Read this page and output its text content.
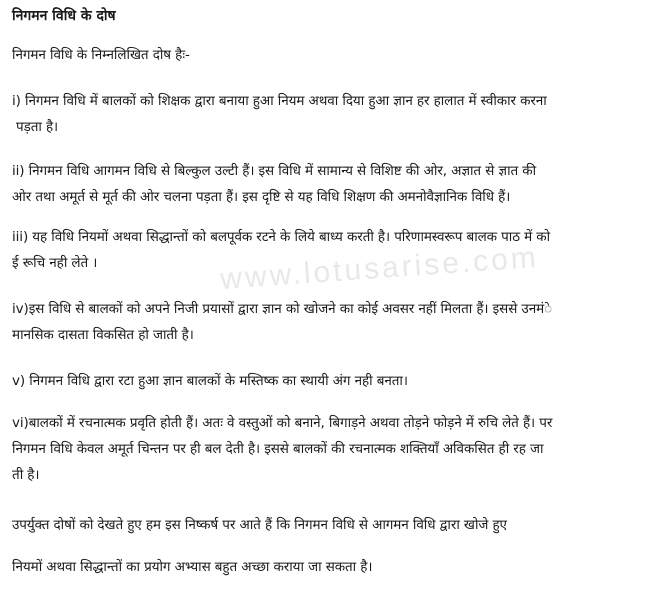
निगमन विधि के दोष
निगमन विधि के निम्नलिखित दोष हैः-
i) निगमन विधि में बालकों को शिक्षक द्वारा बनाया हुआ नियम अथवा दिया हुआ ज्ञान हर हालात में स्वीकार करना
पड़ता है।
ii) निगमन विधि आगमन विधि से बिल्कुल उल्टी हैं। इस विधि में सामान्य से विशिष्ट की ओर, अज्ञात से ज्ञात की
ओर तथा अमूर्त से मूर्त की ओर चलना पड़ता हैं। इस दृष्टि से यह विधि शिक्षण की अमनोवैज्ञानिक विधि हैं।
iii) यह विधि नियमों अथवा सिद्धान्तों को बलपूर्वक रटने के लिये बाध्य करती है। परिणामस्वरूप बालक पाठ में को
ई रूचि नही लेते ।
iv)इस विधि से बालकों को अपने निजी प्रयासों द्वारा ज्ञान को खोजने का कोई अवसर नहीं मिलता हैं। इससे उनमंे
मानसिक दासता विकसित हो जाती है।
v) निगमन विधि द्वारा रटा हुआ ज्ञान बालकों के मस्तिष्क का स्थायी अंग नही बनता।
vi)बालकों में रचनात्मक प्रवृति होती हैं। अतः वे वस्तुओं को बनाने, बिगाड़ने अथवा तोड़ने फोड़ने में रुचि लेते हैं। पर
निगमन विधि केवल अमूर्त चिन्तन पर ही बल देती है। इससे बालकों की रचनात्मक शक्तियाँ अविकसित ही रह जा
ती है।
उपर्युक्त दोषों को देखते हुए हम इस निष्कर्ष पर आते हैं कि निगमन विधि से आगमन विधि द्वारा खोजे हुए
नियमों अथवा सिद्धान्तों का प्रयोग अभ्यास बहुत अच्छा कराया जा सकता है।
www.lotusarise.com
